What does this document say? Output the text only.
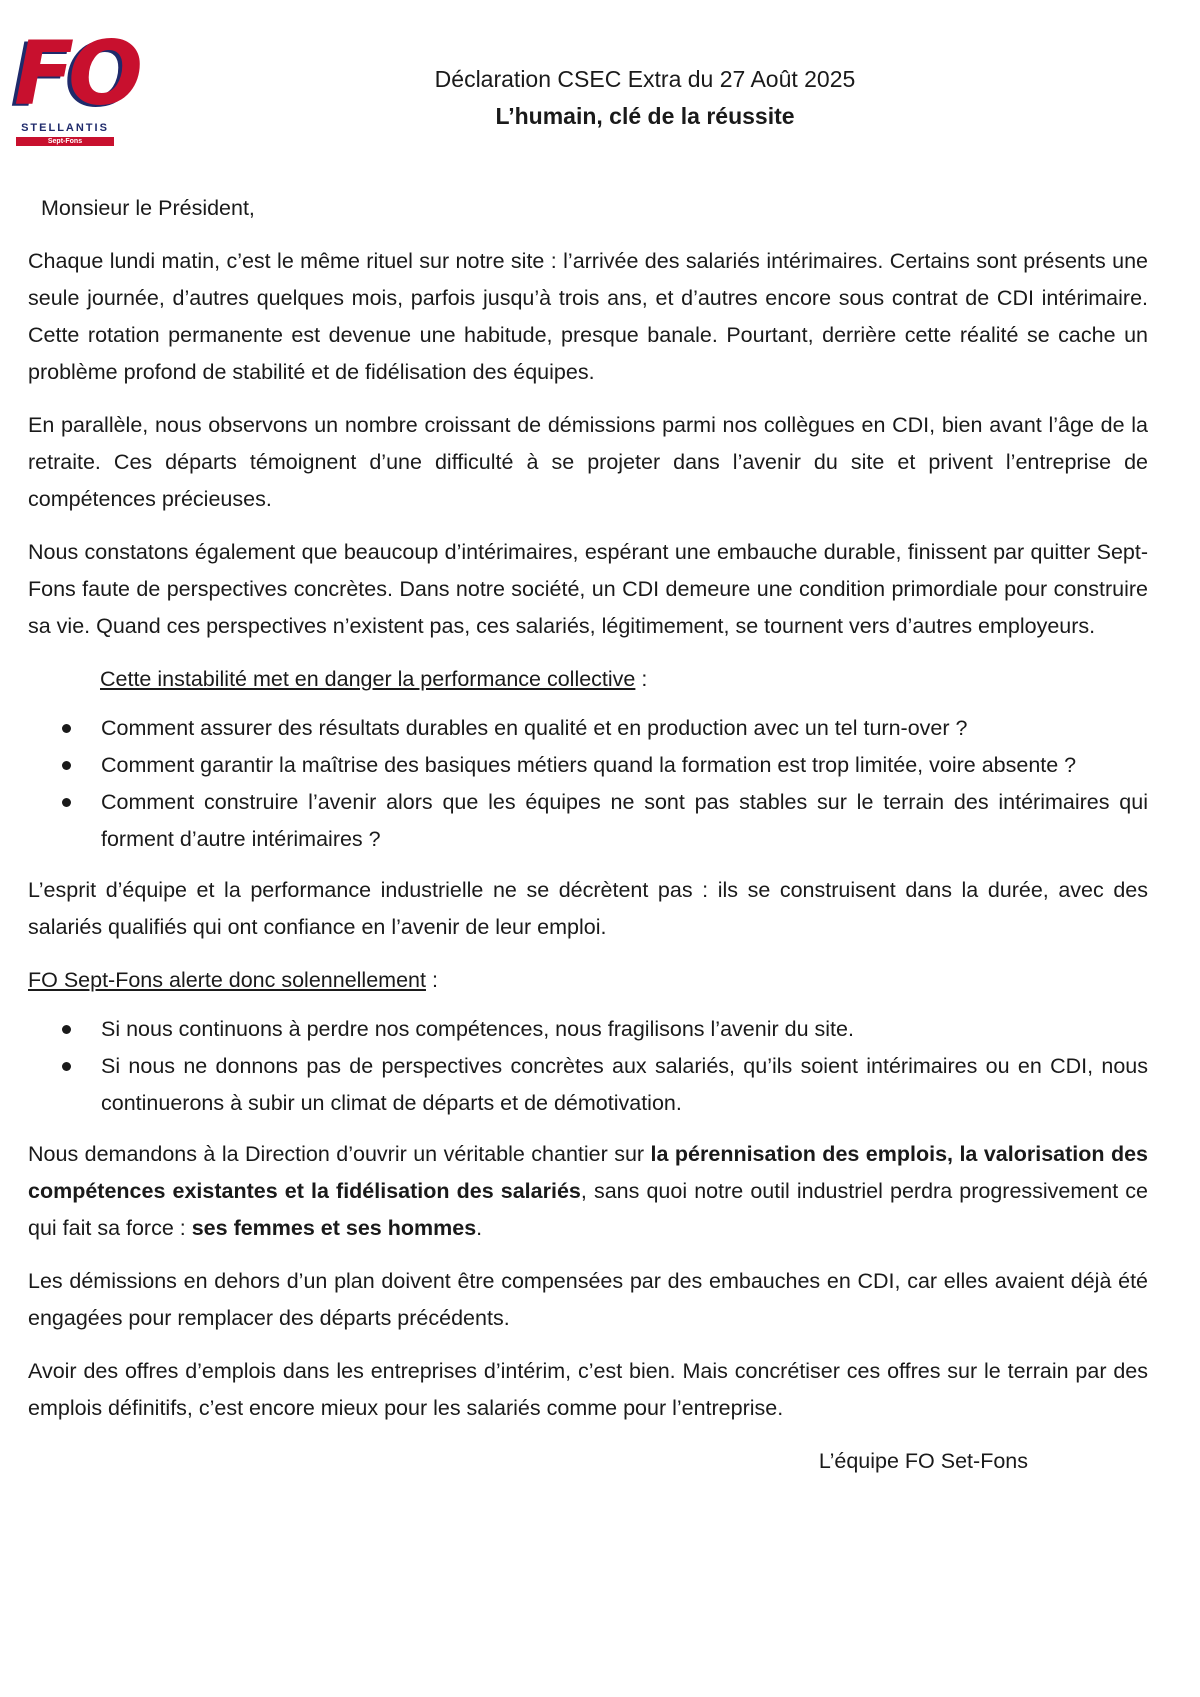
FO
STELLANTIS
Sept-Fons
Déclaration CSEC Extra du 27 Août 2025
L’humain, clé de la réussite

Monsieur le Président,

Chaque lundi matin, c’est le même rituel sur notre site : l’arrivée des salariés intérimaires. Certains sont présents une seule journée, d’autres quelques mois, parfois jusqu’à trois ans, et d’autres encore sous contrat de CDI intérimaire. Cette rotation permanente est devenue une habitude, presque banale. Pourtant, derrière cette réalité se cache un problème profond de stabilité et de fidélisation des équipes.

En parallèle, nous observons un nombre croissant de démissions parmi nos collègues en CDI, bien avant l’âge de la retraite. Ces départs témoignent d’une difficulté à se projeter dans l’avenir du site et privent l’entreprise de compétences précieuses.

Nous constatons également que beaucoup d’intérimaires, espérant une embauche durable, finissent par quitter Sept-Fons faute de perspectives concrètes. Dans notre société, un CDI demeure une condition primordiale pour construire sa vie. Quand ces perspectives n’existent pas, ces salariés, légitimement, se tournent vers d’autres employeurs.

Cette instabilité met en danger la performance collective :

Comment assurer des résultats durables en qualité et en production avec un tel turn-over ?
Comment garantir la maîtrise des basiques métiers quand la formation est trop limitée, voire absente ?
Comment construire l’avenir alors que les équipes ne sont pas stables sur le terrain des intérimaires qui forment d’autre intérimaires ?

L’esprit d’équipe et la performance industrielle ne se décrètent pas : ils se construisent dans la durée, avec des salariés qualifiés qui ont confiance en l’avenir de leur emploi.

FO Sept-Fons alerte donc solennellement :

Si nous continuons à perdre nos compétences, nous fragilisons l’avenir du site.
Si nous ne donnons pas de perspectives concrètes aux salariés, qu’ils soient intérimaires ou en CDI, nous continuerons à subir un climat de départs et de démotivation.

Nous demandons à la Direction d’ouvrir un véritable chantier sur la pérennisation des emplois, la valorisation des compétences existantes et la fidélisation des salariés, sans quoi notre outil industriel perdra progressivement ce qui fait sa force : ses femmes et ses hommes.

Les démissions en dehors d’un plan doivent être compensées par des embauches en CDI, car elles avaient déjà été engagées pour remplacer des départs précédents.

Avoir des offres d’emplois dans les entreprises d’intérim, c’est bien. Mais concrétiser ces offres sur le terrain par des emplois définitifs, c’est encore mieux pour les salariés comme pour l’entreprise.

L’équipe FO Set-Fons
